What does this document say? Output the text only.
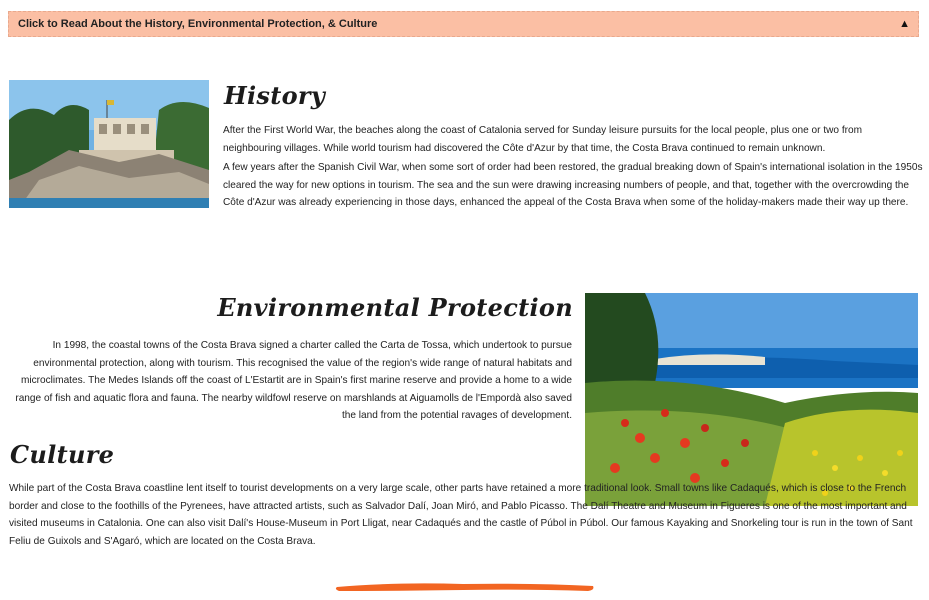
Click to Read About the History, Environmental Protection, & Culture	▲
History

After the First World War, the beaches along the coast of Catalonia served for Sunday leisure pursuits for the local people, plus one or two from neighbouring villages. While world tourism had discovered the Côte d'Azur by that time, the Costa Brava continued to remain unknown.

A few years after the Spanish Civil War, when some sort of order had been restored, the gradual breaking down of Spain's international isolation in the 1950s cleared the way for new options in tourism. The sea and the sun were drawing increasing numbers of people, and that, together with the overcrowding the Côte d'Azur was already experiencing in those days, enhanced the appeal of the Costa Brava when some of the holiday-makers made their way up there.

Environmental Protection

In 1998, the coastal towns of the Costa Brava signed a charter called the Carta de Tossa, which undertook to pursue environmental protection, along with tourism. This recognised the value of the region's wide range of natural habitats and microclimates. The Medes Islands off the coast of L'Estartit are in Spain's first marine reserve and provide a home to a wide range of fish and aquatic flora and fauna. The nearby wildfowl reserve on marshlands at Aiguamolls de l'Empordà also saved the land from the potential ravages of development.

Culture

While part of the Costa Brava coastline lent itself to tourist developments on a very large scale, other parts have retained a more traditional look. Small towns like Cadaqués, which is close to the French border and close to the foothills of the Pyrenees, have attracted artists, such as Salvador Dalí, Joan Miró, and Pablo Picasso. The Dalí Theatre and Museum in Figueres is one of the most important and visited museums in Catalonia. One can also visit Dalí's House-Museum in Port Lligat, near Cadaqués and the castle of Púbol in Púbol. Our famous Kayaking and Snorkeling tour is run in the town of Sant Feliu de Guixols and S'Agaró, which are located on the Costa Brava.
